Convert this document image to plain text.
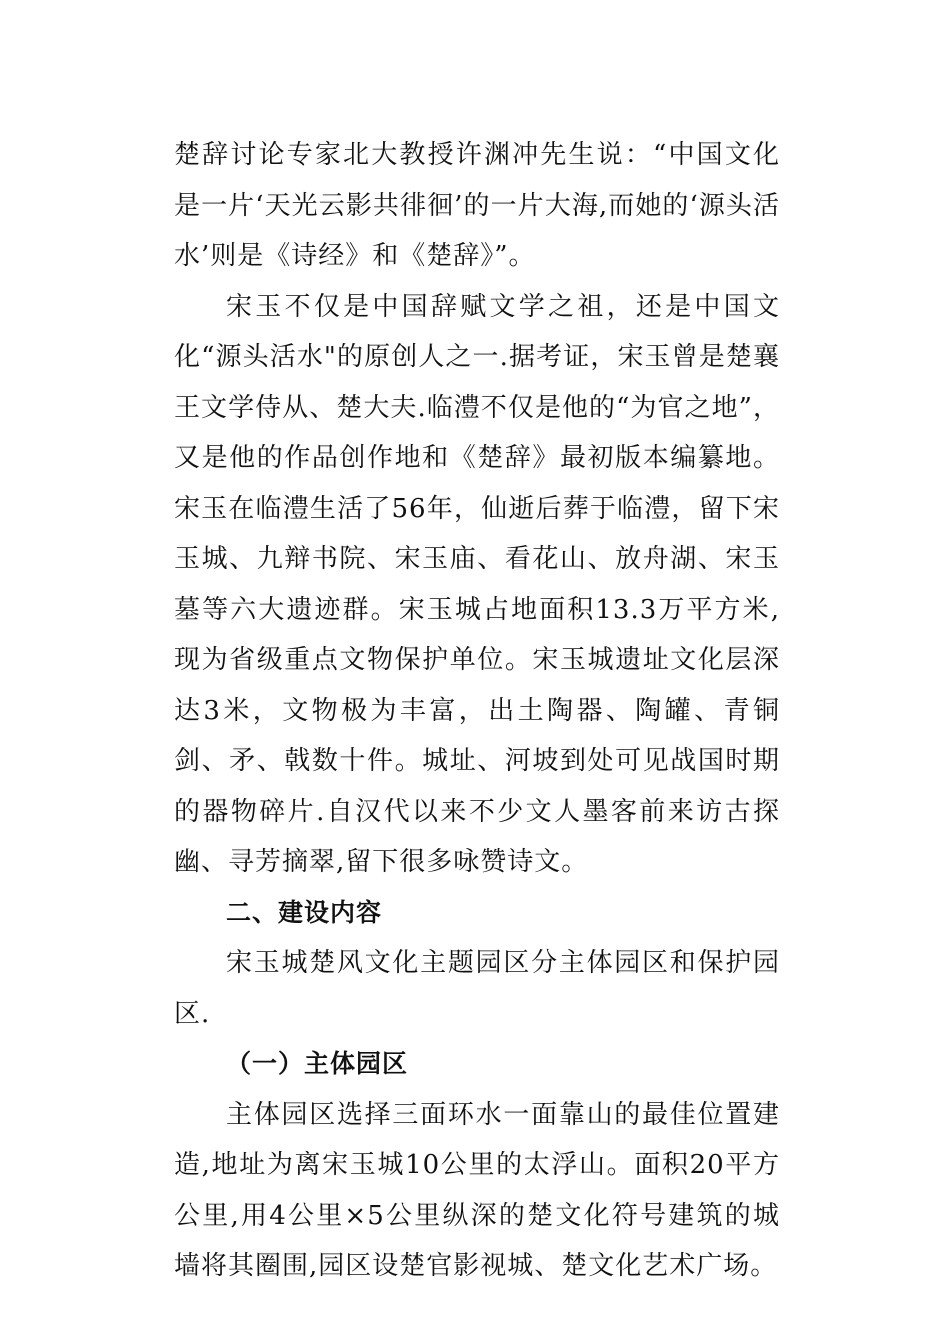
楚辞讨论专家北大教授许渊冲先生说：“中国文化是一片‘天光云影共徘徊’的一片大海,而她的‘源头活水’则是《诗经》和《楚辞》”。

宋玉不仅是中国辞赋文学之祖，还是中国文化“源头活水"的原创人之一.据考证，宋玉曾是楚襄王文学侍从、楚大夫.临澧不仅是他的“为官之地”，又是他的作品创作地和《楚辞》最初版本编纂地。宋玉在临澧生活了56年，仙逝后葬于临澧，留下宋玉城、九辩书院、宋玉庙、看花山、放舟湖、宋玉墓等六大遗迹群。宋玉城占地面积13.3万平方米,现为省级重点文物保护单位。宋玉城遗址文化层深达3米，文物极为丰富，出土陶器、陶罐、青铜剑、矛、戟数十件。城址、河坡到处可见战国时期的器物碎片.自汉代以来不少文人墨客前来访古探幽、寻芳摘翠,留下很多咏赞诗文。

二、建设内容

宋玉城楚风文化主题园区分主体园区和保护园区.

（一）主体园区

主体园区选择三面环水一面靠山的最佳位置建造,地址为离宋玉城10公里的太浮山。面积20平方公里,用4公里×5公里纵深的楚文化符号建筑的城墙将其圈围,园区设楚官影视城、楚文化艺术广场。
